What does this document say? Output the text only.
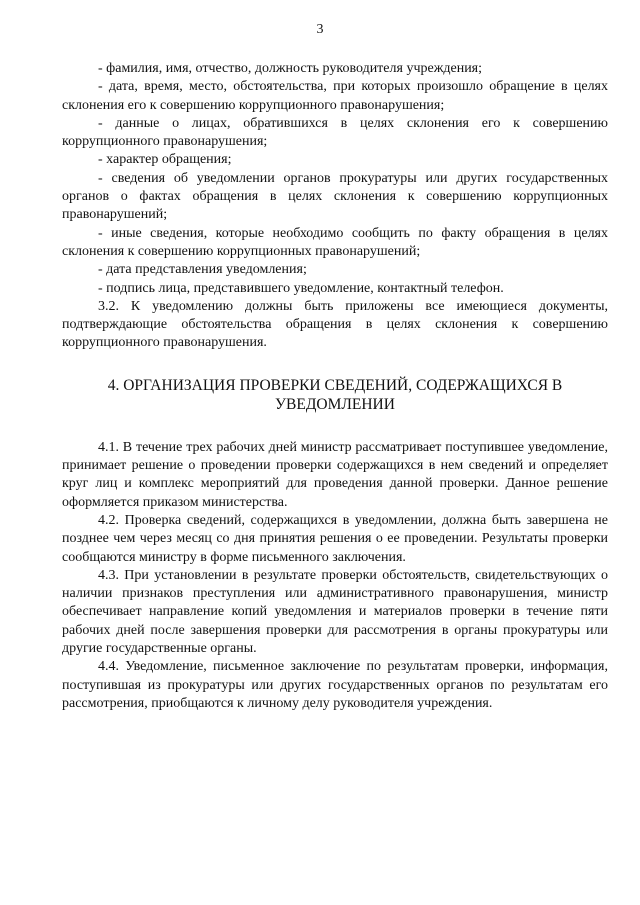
3

- фамилия, имя, отчество, должность руководителя учреждения;

- дата, время, место, обстоятельства, при которых произошло обращение в целях склонения его к совершению коррупционного правонарушения;

- данные о лицах, обратившихся в целях склонения его к совершению коррупционного правонарушения;

- характер обращения;

- сведения об уведомлении органов прокуратуры или других государственных органов о фактах обращения в целях склонения к совершению коррупционных правонарушений;

- иные сведения, которые необходимо сообщить по факту обращения в целях склонения к совершению коррупционных правонарушений;

- дата представления уведомления;

- подпись лица, представившего уведомление, контактный телефон.

3.2. К уведомлению должны быть приложены все имеющиеся документы, подтверждающие обстоятельства обращения в целях склонения к совершению коррупционного правонарушения.

4. ОРГАНИЗАЦИЯ ПРОВЕРКИ СВЕДЕНИЙ, СОДЕРЖАЩИХСЯ В УВЕДОМЛЕНИИ

4.1. В течение трех рабочих дней министр рассматривает поступившее уведомление, принимает решение о проведении проверки содержащихся в нем сведений и определяет круг лиц и комплекс мероприятий для проведения данной проверки. Данное решение оформляется приказом министерства.

4.2. Проверка сведений, содержащихся в уведомлении, должна быть завершена не позднее чем через месяц со дня принятия решения о ее проведении. Результаты проверки сообщаются министру в форме письменного заключения.

4.3. При установлении в результате проверки обстоятельств, свидетельствующих о наличии признаков преступления или административного правонарушения, министр обеспечивает направление копий уведомления и материалов проверки в течение пяти рабочих дней после завершения проверки для рассмотрения в органы прокуратуры или другие государственные органы.

4.4. Уведомление, письменное заключение по результатам проверки, информация, поступившая из прокуратуры или других государственных органов по результатам его рассмотрения, приобщаются к личному делу руководителя учреждения.
